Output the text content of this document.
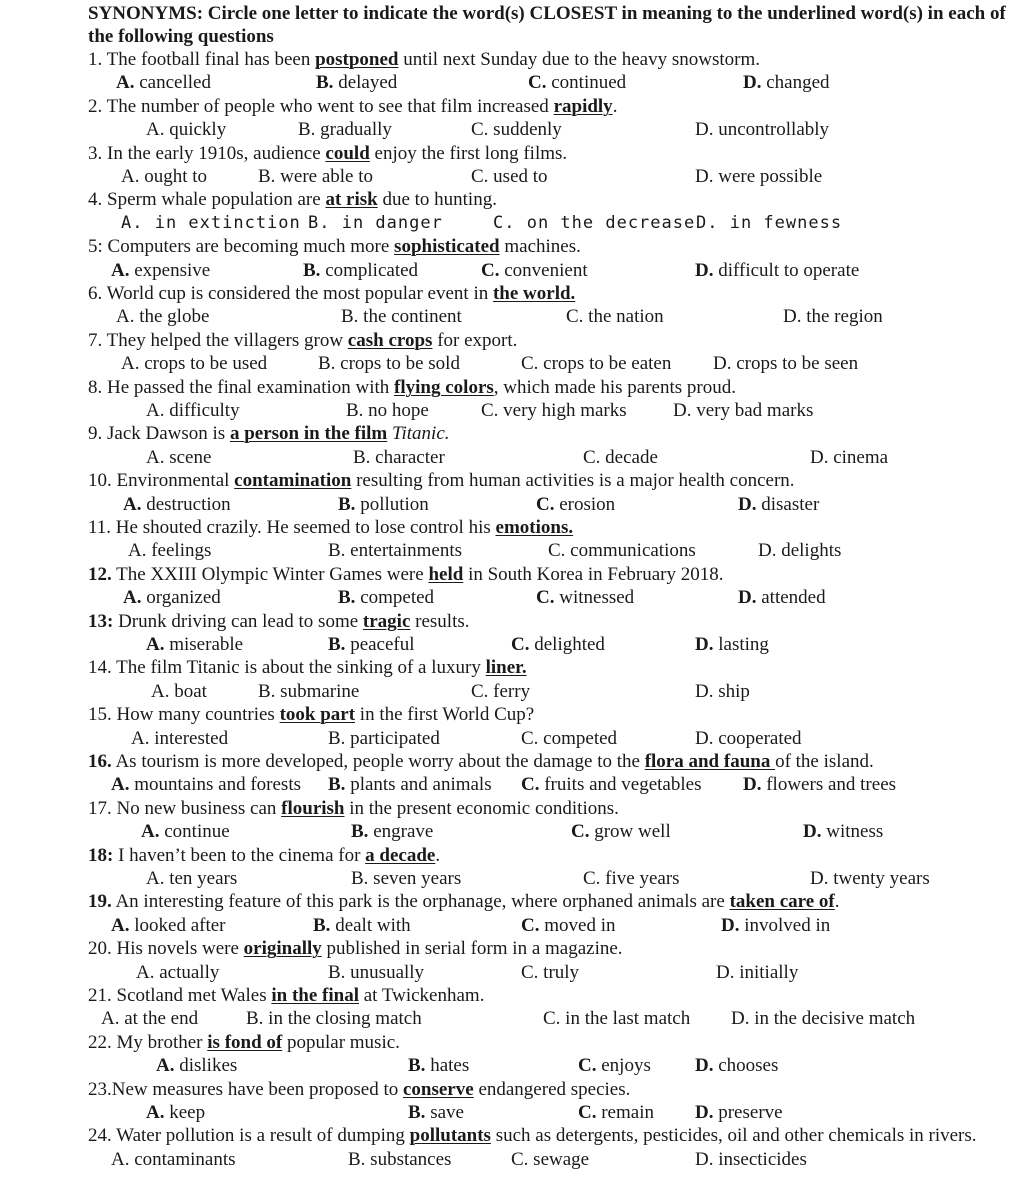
SYNONYMS: Circle one letter to indicate the word(s) CLOSEST in meaning to the underlined word(s) in each of the following questions
1. The football final has been postponed until next Sunday due to the heavy snowstorm.
A. cancelled	B. delayed	C. continued	D. changed
2. The number of people who went to see that film increased rapidly.
A. quickly	B. gradually	C. suddenly	D. uncontrollably
3. In the early 1910s, audience could enjoy the first long films.
A. ought to	B. were able to	C. used to	D. were possible
4. Sperm whale population are at risk due to hunting.
A. in extinction B. in danger	C. on the decrease D. in fewness
5: Computers are becoming much more sophisticated machines.
A. expensive	B. complicated	C. convenient	D. difficult to operate
6. World cup is considered the most popular event in the world.
A. the globe	B. the continent	C. the nation	D. the region
7. They helped the villagers grow cash crops for export.
A. crops to be used	B. crops to be sold	C. crops to be eaten D. crops to be seen
8. He passed the final examination with flying colors, which made his parents proud.
A. difficulty	B. no hope	C. very high marks D. very bad marks
9. Jack Dawson is a person in the film Titanic.
A. scene	B. character	C. decade	D. cinema
10. Environmental contamination resulting from human activities is a major health concern.
A. destruction	B. pollution	C. erosion	D. disaster
11. He shouted crazily. He seemed to lose control his emotions.
A. feelings	B. entertainments	C. communications	D. delights
12. The XXIII Olympic Winter Games were held in South Korea in February 2018.
A. organized	B. competed	C. witnessed	D. attended
13: Drunk driving can lead to some tragic results.
A. miserable	B. peaceful	C. delighted	D. lasting
14. The film Titanic is about the sinking of a luxury liner.
A. boat	B. submarine	C. ferry	D. ship
15. How many countries took part in the first World Cup?
A. interested	B. participated	C. competed	D. cooperated
16. As tourism is more developed, people worry about the damage to the flora and fauna of the island.
A. mountains and forests B. plants and animals C. fruits and vegetables D. flowers and trees
17. No new business can flourish in the present economic conditions.
A. continue	B. engrave	C. grow well	D. witness
18: I haven’t been to the cinema for a decade.
A. ten years	B. seven years	C. five years	D. twenty years
19. An interesting feature of this park is the orphanage, where orphaned animals are taken care of.
A. looked after	B. dealt with	C. moved in	D. involved in
20. His novels were originally published in serial form in a magazine.
A. actually	B. unusually	C. truly	D. initially
21. Scotland met Wales in the final at Twickenham.
A. at the end	B. in the closing match	C. in the last match D. in the decisive match
22. My brother is fond of popular music.
A. dislikes	B. hates	C. enjoys D. chooses
23.New measures have been proposed to conserve endangered species.
A. keep	B. save	C. remain D. preserve
24. Water pollution is a result of dumping pollutants such as detergents, pesticides, oil and other chemicals in rivers.
A. contaminants	B. substances	C. sewage	D. insecticides
